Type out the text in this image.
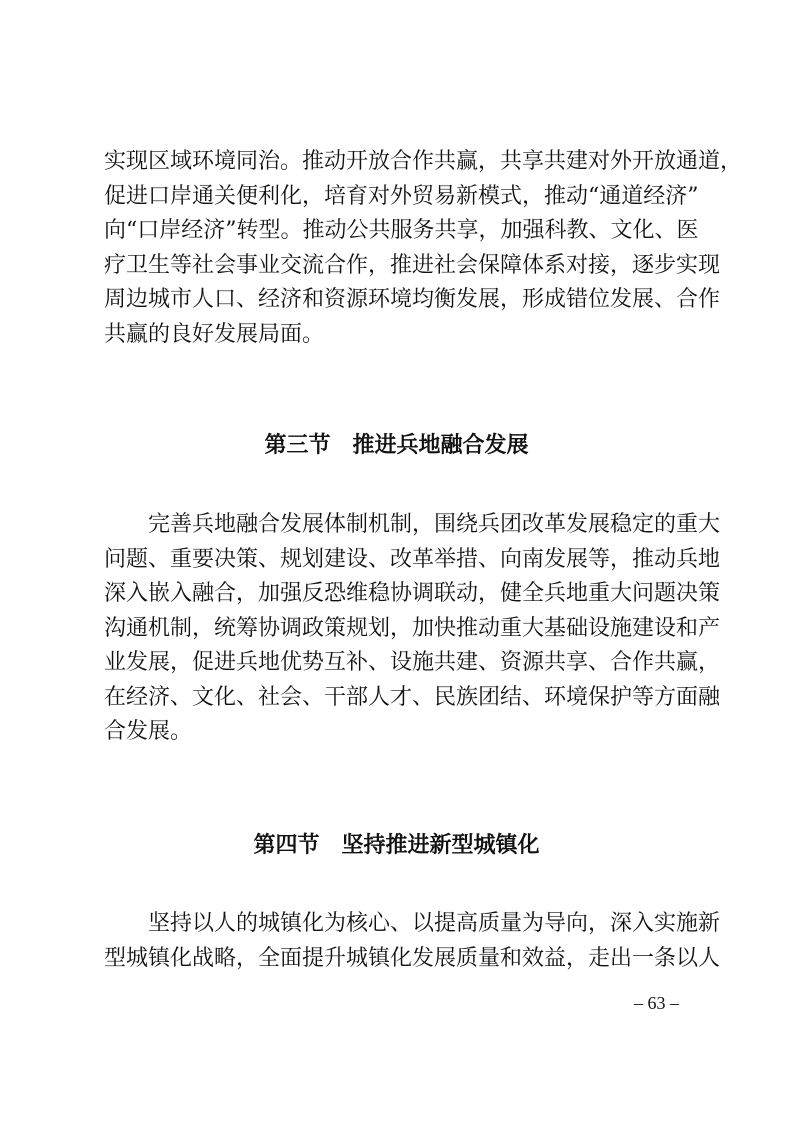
实现区域环境同治。推动开放合作共赢，共享共建对外开放通道，
促进口岸通关便利化，培育对外贸易新模式，推动“通道经济”
向“口岸经济”转型。推动公共服务共享，加强科教、文化、医
疗卫生等社会事业交流合作，推进社会保障体系对接，逐步实现
周边城市人口、经济和资源环境均衡发展，形成错位发展、合作
共赢的良好发展局面。
第三节 推进兵地融合发展
　　完善兵地融合发展体制机制，围绕兵团改革发展稳定的重大
问题、重要决策、规划建设、改革举措、向南发展等，推动兵地
深入嵌入融合，加强反恐维稳协调联动，健全兵地重大问题决策
沟通机制，统筹协调政策规划，加快推动重大基础设施建设和产
业发展，促进兵地优势互补、设施共建、资源共享、合作共赢，
在经济、文化、社会、干部人才、民族团结、环境保护等方面融
合发展。
第四节 坚持推进新型城镇化
　　坚持以人的城镇化为核心、以提高质量为导向，深入实施新
型城镇化战略，全面提升城镇化发展质量和效益，走出一条以人
– 63 –
